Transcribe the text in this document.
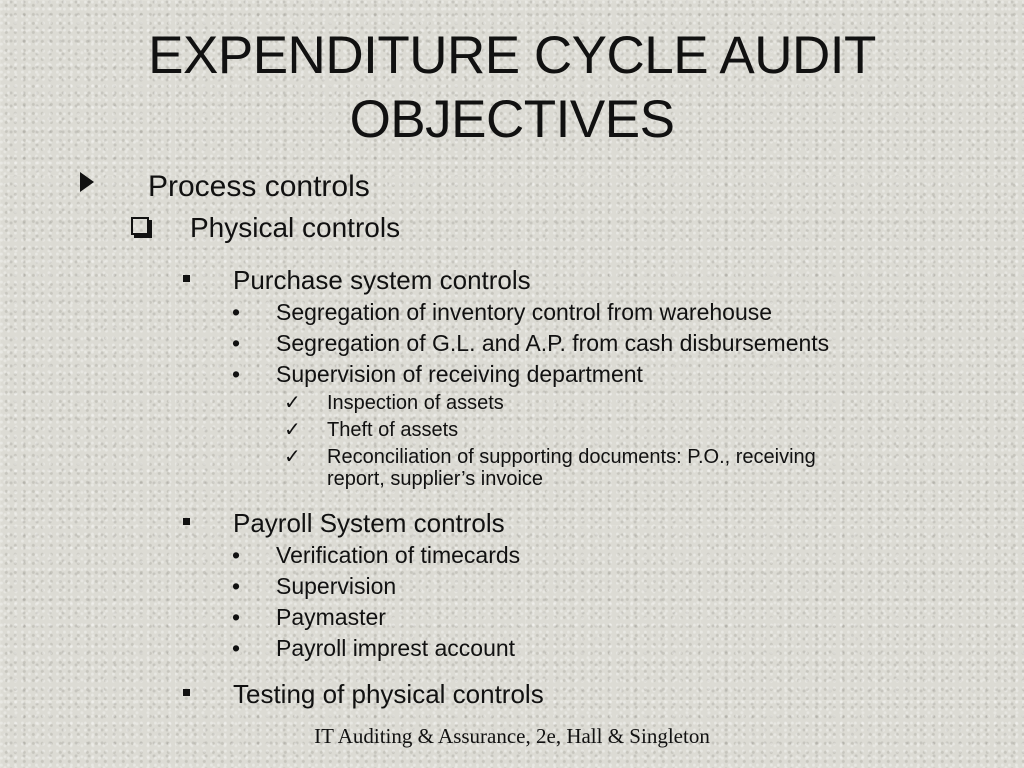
EXPENDITURE CYCLE AUDIT OBJECTIVES
Process controls
Physical controls
Purchase system controls
•	Segregation of inventory control from warehouse
•	Segregation of G.L. and A.P. from cash disbursements
•	Supervision of receiving department
✓	Inspection of assets
✓	Theft of assets
✓	Reconciliation of supporting documents: P.O., receiving
report, supplier’s invoice
Payroll System controls
•	Verification of timecards
•	Supervision
•	Paymaster
•	Payroll imprest account
Testing of physical controls
IT Auditing & Assurance, 2e, Hall & Singleton
